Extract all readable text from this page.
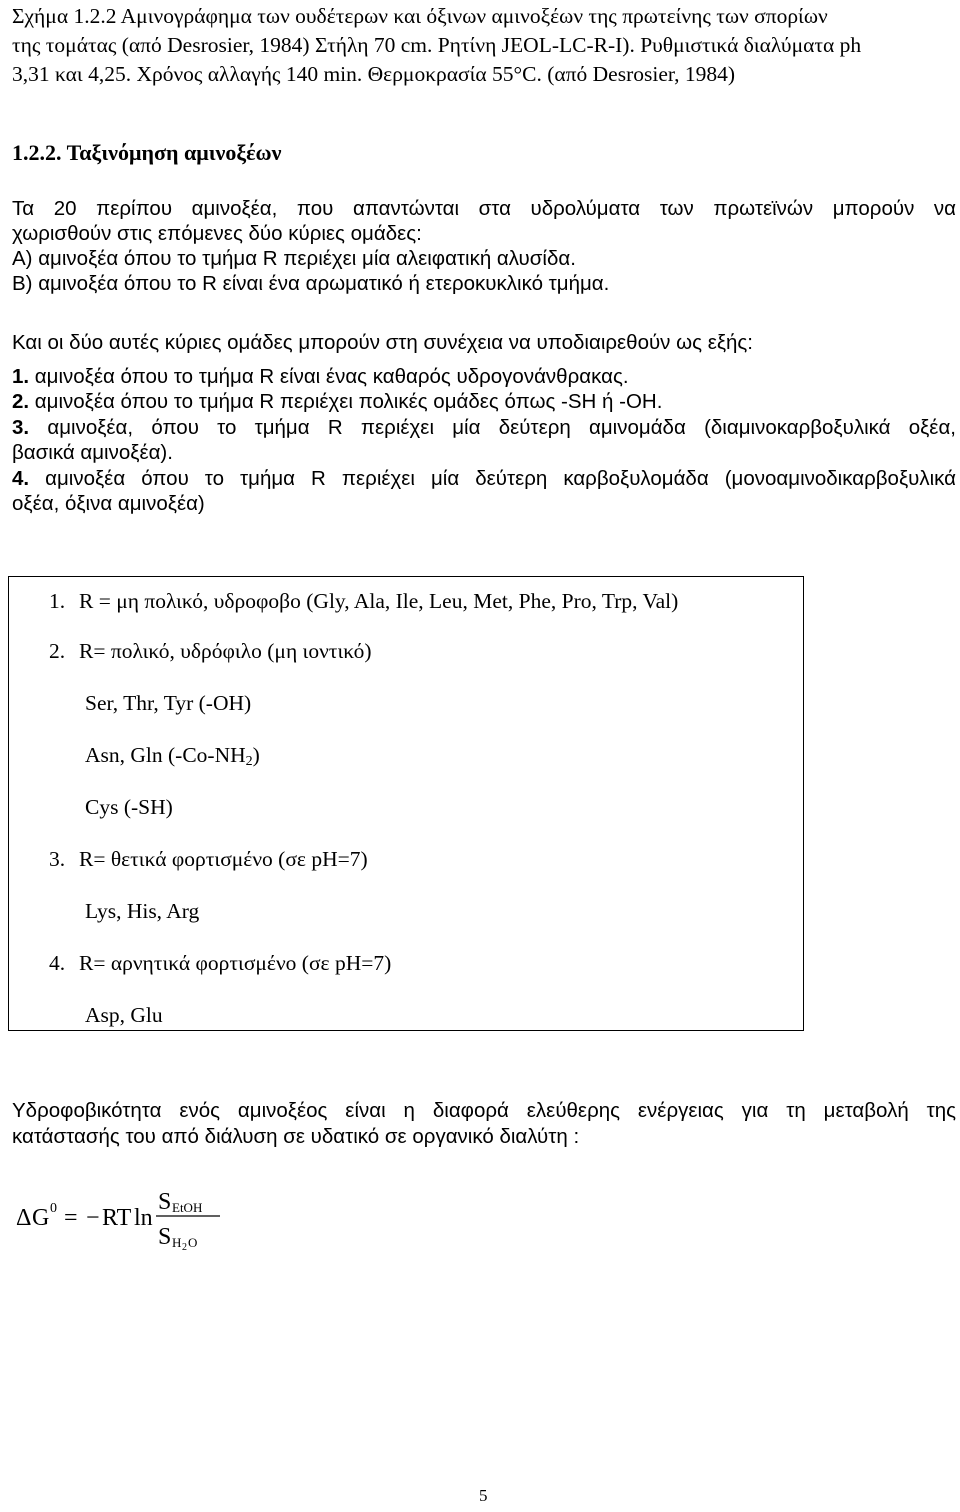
Σχήμα 1.2.2 Αμινογράφημα των ουδέτερων και όξινων αμινοξέων της πρωτείνης των σπορίων
της τομάτας (από Desrosier, 1984) Στήλη 70 cm. Ρητίνη JEOL-LC-R-I). Ρυθμιστικά διαλύματα ph
3,31 και 4,25. Χρόνος αλλαγής 140 min. Θερμοκρασία 55°C. (από Desrosier, 1984)
1.2.2. Ταξινόμηση αμινοξέων
Τα 20 περίπου αμινοξέα, που απαντώνται στα υδρολύματα των πρωτεϊνών μπορούν να
χωρισθούν στις επόμενες δύο κύριες ομάδες:
Α) αμινοξέα όπου το τμήμα R περιέχει μία αλειφατική αλυσίδα.
Β) αμινοξέα όπου το R είναι ένα αρωματικό ή ετεροκυκλικό τμήμα.
Και οι δύο αυτές κύριες ομάδες μπορούν στη συνέχεια να υποδιαιρεθούν ως εξής:
1. αμινοξέα όπου το τμήμα R είναι ένας καθαρός υδρογονάνθρακας.
2. αμινοξέα όπου το τμήμα R περιέχει πολικές ομάδες όπως -SH ή -OH.
3. αμινοξέα, όπου το τμήμα R περιέχει μία δεύτερη αμινομάδα (διαμινοκαρβοξυλικά οξέα,
βασικά αμινοξέα).
4. αμινοξέα όπου το τμήμα R περιέχει μία δεύτερη καρβοξυλομάδα (μονοαμινοδικαρβοξυλικά
οξέα, όξινα αμινοξέα)
1. R = μη πολικό, υδροφοβο (Gly, Ala, Ile, Leu, Met, Phe, Pro, Trp, Val)
2. R= πολικό, υδρόφιλο (μη ιοντικό)
Ser, Thr, Tyr (-OH)
Asn, Gln $(-Co-NH_2)$
Cys (-SH)
3. R= θετικά φορτισμένο (σε pH=7)
Lys, His, Arg
4. R= αρνητικά φορτισμένο (σε pH=7)
Asp, Glu
Υδροφοβικότητα ενός αμινοξέος είναι η διαφορά ελεύθερης ενέργειας για τη μεταβολή της
κατάστασής του από διάλυση σε υδατικό σε οργανικό διαλύτη :
Δ G 0 = − RT ln
S EtOH
S H 2 O
5
